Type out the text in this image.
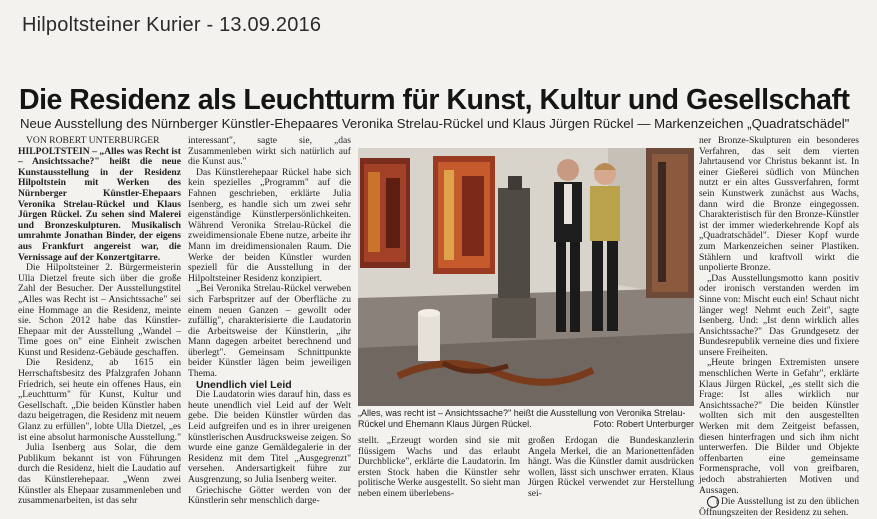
Hilpoltsteiner Kurier - 13.09.2016
Die Residenz als Leuchtturm für Kunst, Kultur und Gesellschaft
Neue Ausstellung des Nürnberger Künstler-Ehepaares Veronika Strelau-Rückel und Klaus Jürgen Rückel — Markenzeichen „Quadratschädel"

VON ROBERT UNTERBURGER

HILPOLTSTEIN – „Alles was Recht ist – Ansichtssache?" heißt die neue Kunstausstellung in der Residenz Hilpoltstein mit Werken des Nürnberger Künstler-Ehepaars Veronika Strelau-Rückel und Klaus Jürgen Rückel. Zu sehen sind Malerei und Bronzeskulpturen. Musikalisch umrahmte Jonathan Binder, der eigens aus Frankfurt angereist war, die Vernissage auf der Konzertgitarre.

Die Hilpoltsteiner 2. Bürgermeisterin Ulla Dietzel freute sich über die große Zahl der Besucher. Der Ausstellungstitel „Alles was Recht ist – Ansichtssache" sei eine Hommage an die Residenz, meinte sie. Schon 2012 habe das Künstler-Ehepaar mit der Ausstellung „Wandel – Time goes on" eine Einheit zwischen Kunst und Residenz-Gebäude geschaffen.

Die Residenz, ab 1615 ein Herrschaftsbesitz des Pfalzgrafen Johann Friedrich, sei heute ein offenes Haus, ein „Leuchtturm" für Kunst, Kultur und Gesellschaft. „Die beiden Künstler haben dazu beigetragen, die Residenz mit neuem Glanz zu erfüllen", lobte Ulla Dietzel, „es ist eine absolut harmonische Ausstellung."

Julia Isenberg aus Solar, die dem Publikum bekannt ist von Führungen durch die Residenz, hielt die Laudatio auf das Künstlerehepaar. „Wenn zwei Künstler als Ehepaar zusammenleben und zusammenarbeiten, ist das sehr

interessant", sagte sie, „das Zusammenleben wirkt sich natürlich auf die Kunst aus."

Das Künstlerehepaar Rückel habe sich kein spezielles „Programm" auf die Fahnen geschrieben, erklärte Julia Isenberg, es handle sich um zwei sehr eigenständige Künstlerpersönlichkeiten. Während Veronika Strelau-Rückel die zweidimensionale Ebene nutze, arbeite ihr Mann im dreidimensionalen Raum. Die Werke der beiden Künstler wurden speziell für die Ausstellung in der Hilpoltsteiner Residenz konzipiert.

„Bei Veronika Strelau-Rückel verweben sich Farbspritzer auf der Oberfläche zu einem neuen Ganzen – gewollt oder zufällig", charakterisierte die Laudatorin die Arbeitsweise der Künstlerin, „ihr Mann dagegen arbeitet berechnend und überlegt". Gemeinsam Schnittpunkte beider Künstler lägen beim jeweiligen Thema.

Unendlich viel Leid

Die Laudatorin wies darauf hin, dass es heute unendlich viel Leid auf der Welt gebe. Die beiden Künstler würden das Leid aufgreifen und es in ihrer ureigenen künstlerischen Ausdrucksweise zeigen. So wurde eine ganze Gemäldegalerie in der Residenz mit dem Titel „Ausgegrenzt" versehen. Andersartigkeit führe zur Ausgrenzung, so Julia Isenberg weiter.

Griechische Götter werden von der Künstlerin sehr menschlich darge-

„Alles, was recht ist – Ansichtssache?" heißt die Ausstellung von Veronika Strelau-Rückel und Ehemann Klaus Jürgen Rückel.	Foto: Robert Unterburger

stellt. „Erzeugt worden sind sie mit flüssigem Wachs und das erlaubt Durchblicke", erklärte die Laudatorin. Im ersten Stock haben die Künstler sehr politische Werke ausgestellt. So sieht man neben einem überlebens-

großen Erdogan die Bundeskanzlerin Angela Merkel, die an Marionettenfäden hängt. Was die Künstler damit ausdrücken wollen, lässt sich unschwer erraten. Klaus Jürgen Rückel verwendet zur Herstellung sei-

ner Bronze-Skulpturen ein besonderes Verfahren, das seit dem vierten Jahrtausend vor Christus bekannt ist. In einer Gießerei südlich von München nutzt er ein altes Gussverfahren, formt sein Kunstwerk zunächst aus Wachs, dann wird die Bronze eingegossen. Charakteristisch für den Bronze-Künstler ist der immer wiederkehrende Kopf als „Quadratschädel". Dieser Kopf wurde zum Markenzeichen seiner Plastiken. Stählern und kraftvoll wirkt die unpolierte Bronze.

„Das Ausstellungsmotto kann positiv oder ironisch verstanden werden im Sinne von: Mischt euch ein! Schaut nicht länger weg! Nehmt euch Zeit", sagte Isenberg. Und: „Ist denn wirklich alles Ansichtssache?" Das Grundgesetz der Bundesrepublik verneine dies und fixiere unsere Freiheiten.

„Heute bringen Extremisten unsere menschlichen Werte in Gefahr", erklärte Klaus Jürgen Rückel, „es stellt sich die Frage: Ist alles wirklich nur Ansichtssache?" Die beiden Künstler wollten sich mit den ausgestellten Werken mit dem Zeitgeist befassen, diesen hinterfragen und sich ihm nicht unterwerfen. Die Bilder und Objekte offenbarten eine gemeinsame Formensprache, voll von greifbaren, jedoch abstrahierten Motiven und Aussagen.

i Die Ausstellung ist zu den üblichen Öffnungszeiten der Residenz zu sehen.
